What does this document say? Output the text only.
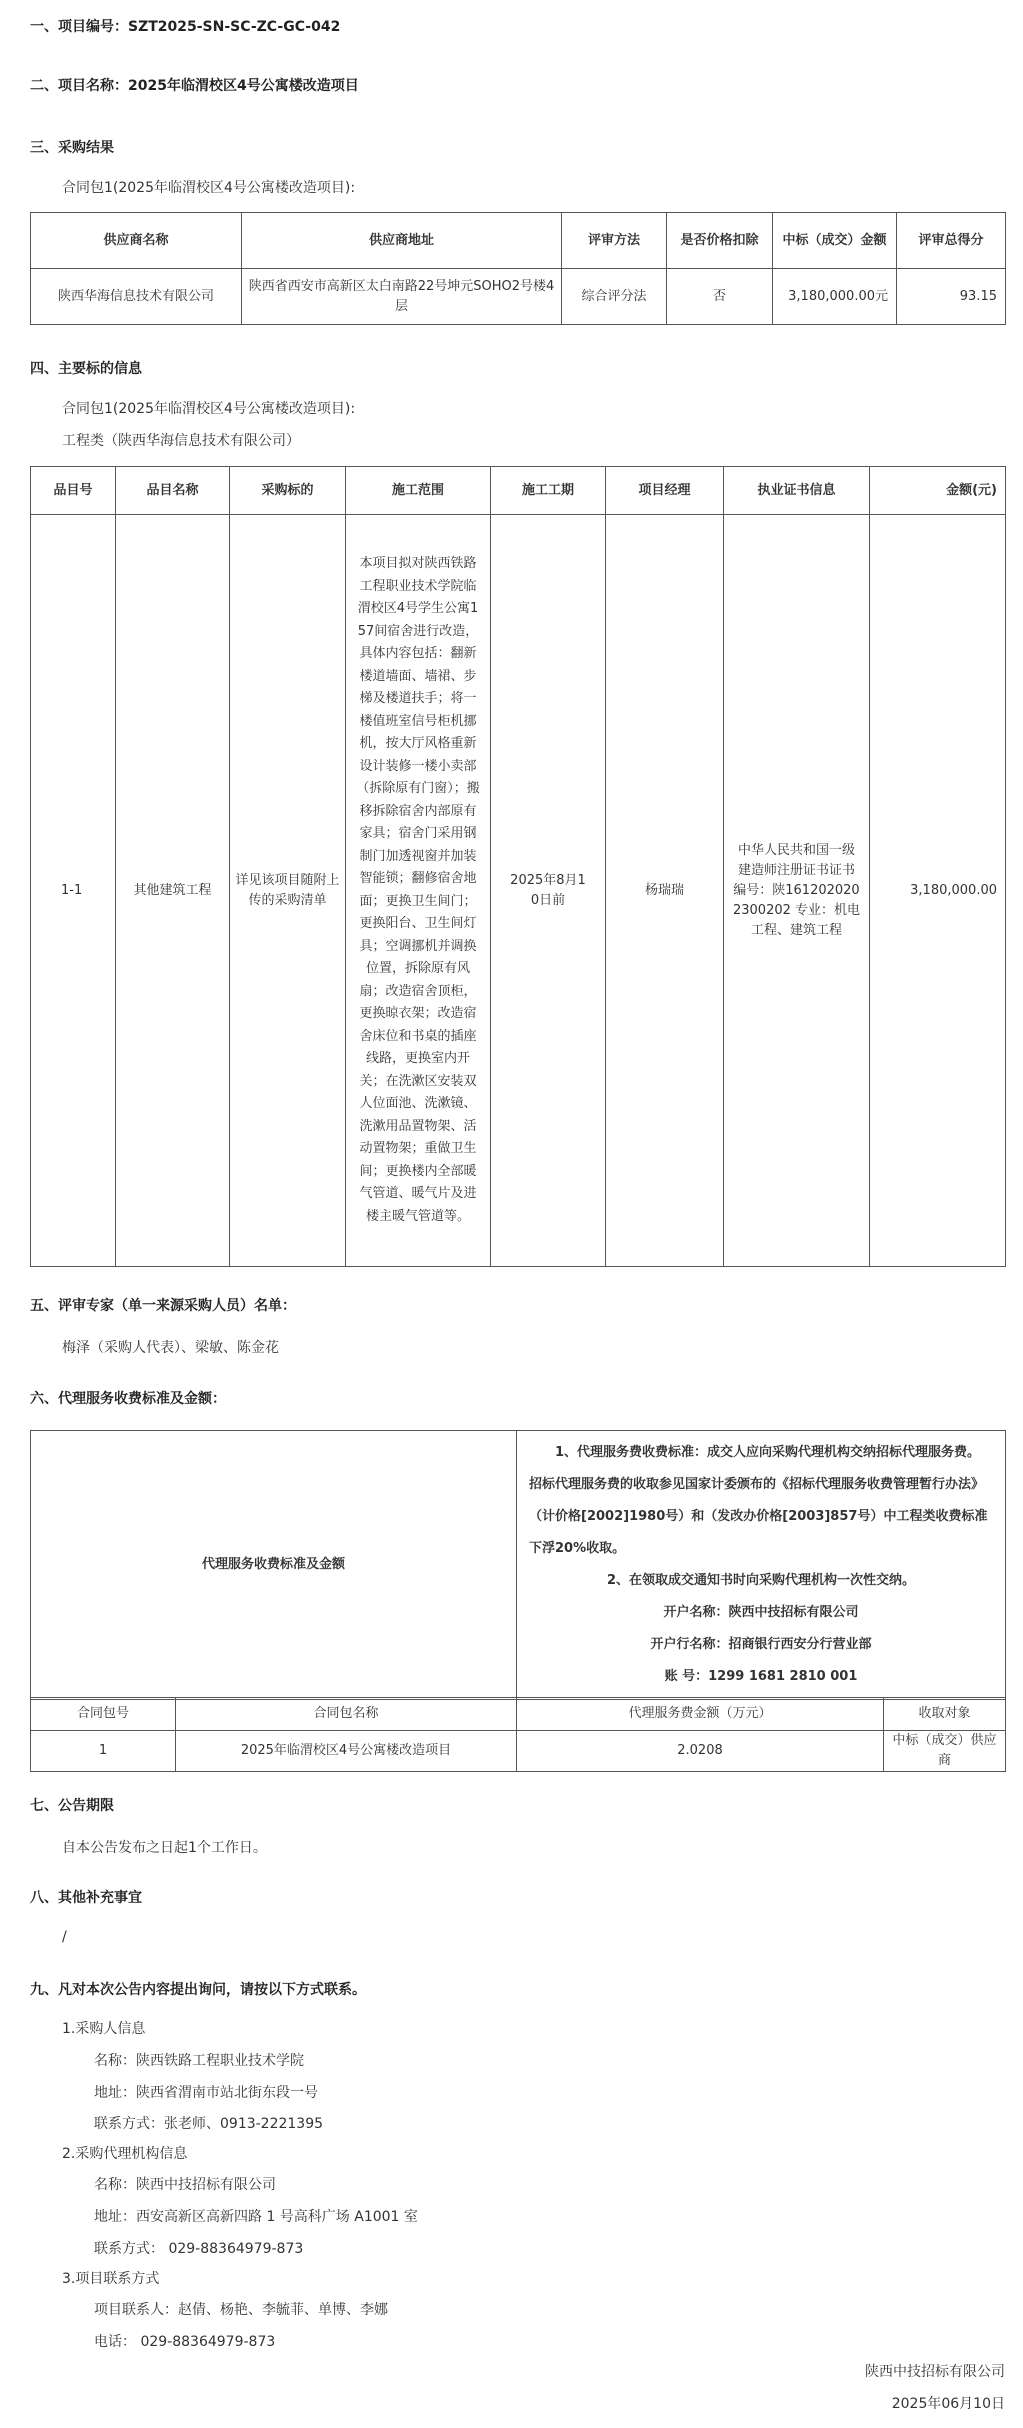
一、项目编号：SZT2025-SN-SC-ZC-GC-042
二、项目名称：2025年临渭校区4号公寓楼改造项目
三、采购结果
合同包1(2025年临渭校区4号公寓楼改造项目):
供应商名称	供应商地址	评审方法	是否价格扣除	中标（成交）金额	评审总得分
陕西华海信息技术有限公司	陕西省西安市高新区太白南路22号坤元SOHO2号楼4层	综合评分法	否	3,180,000.00元	93.15
四、主要标的信息
合同包1(2025年临渭校区4号公寓楼改造项目):
工程类（陕西华海信息技术有限公司）
品目号	品目名称	采购标的	施工范围	施工工期	项目经理	执业证书信息	金额(元)
1-1	其他建筑工程	详见该项目随附上传的采购清单	本项目拟对陕西铁路工程职业技术学院临渭校区4号学生公寓157间宿舍进行改造，具体内容包括：翻新楼道墙面、墙裙、步梯及楼道扶手；将一楼值班室信号柜机挪机，按大厅风格重新设计装修一楼小卖部（拆除原有门窗）；搬移拆除宿舍内部原有家具；宿舍门采用钢制门加透视窗并加装智能锁；翻修宿舍地面；更换卫生间门；更换阳台、卫生间灯具；空调挪机并调换位置，拆除原有风扇；改造宿舍顶柜，更换晾衣架；改造宿舍床位和书桌的插座线路，更换室内开关；在洗漱区安装双人位面池、洗漱镜、洗漱用品置物架、活动置物架；重做卫生间；更换楼内全部暖气管道、暖气片及进楼主暖气管道等。	2025年8月10日前	杨瑞瑞	中华人民共和国一级建造师注册证书证书编号：陕161202020230020​2 专业：机电工程、建筑工程	3,180,000.00
五、评审专家（单一来源采购人员）名单：
梅泽（采购人代表）、梁敏、陈金花
六、代理服务收费标准及金额：
代理服务收费标准及金额	
1、代理服务费收费标准：成交人应向采购代理机构交纳招标代理服务费。招标代理服务费的收取参见国家计委颁布的《招标代理服务收费管理暂行办法》（计价格[2002]1980号）和（发改办价格[2003]857号）中工程类收费标准下浮20%收取。
2、在领取成交通知书时向采购代理机构一次性交纳。
开户名称：陕西中技招标有限公司
开户行名称：招商银行西安分行营业部
账 号：1299 1681 2810 001
合同包号	合同包名称	代理服务费金额（万元）	收取对象
1	2025年临渭校区4号公寓楼改造项目	2.0208	中标（成交）供应商
七、公告期限
自本公告发布之日起1个工作日。
八、其他补充事宜
/
九、凡对本次公告内容提出询问，请按以下方式联系。
1.采购人信息
名称：陕西铁路工程职业技术学院
地址：陕西省渭南市站北街东段一号
联系方式：张老师、0913-2221395
2.采购代理机构信息
名称：陕西中技招标有限公司
地址：西安高新区高新四路 1 号高科广场 A1001 室
联系方式： 029-88364979-873
3.项目联系方式
项目联系人：赵倩、杨艳、李毓菲、单博、李娜
电话： 029-88364979-873
陕西中技招标有限公司
2025年06月10日
